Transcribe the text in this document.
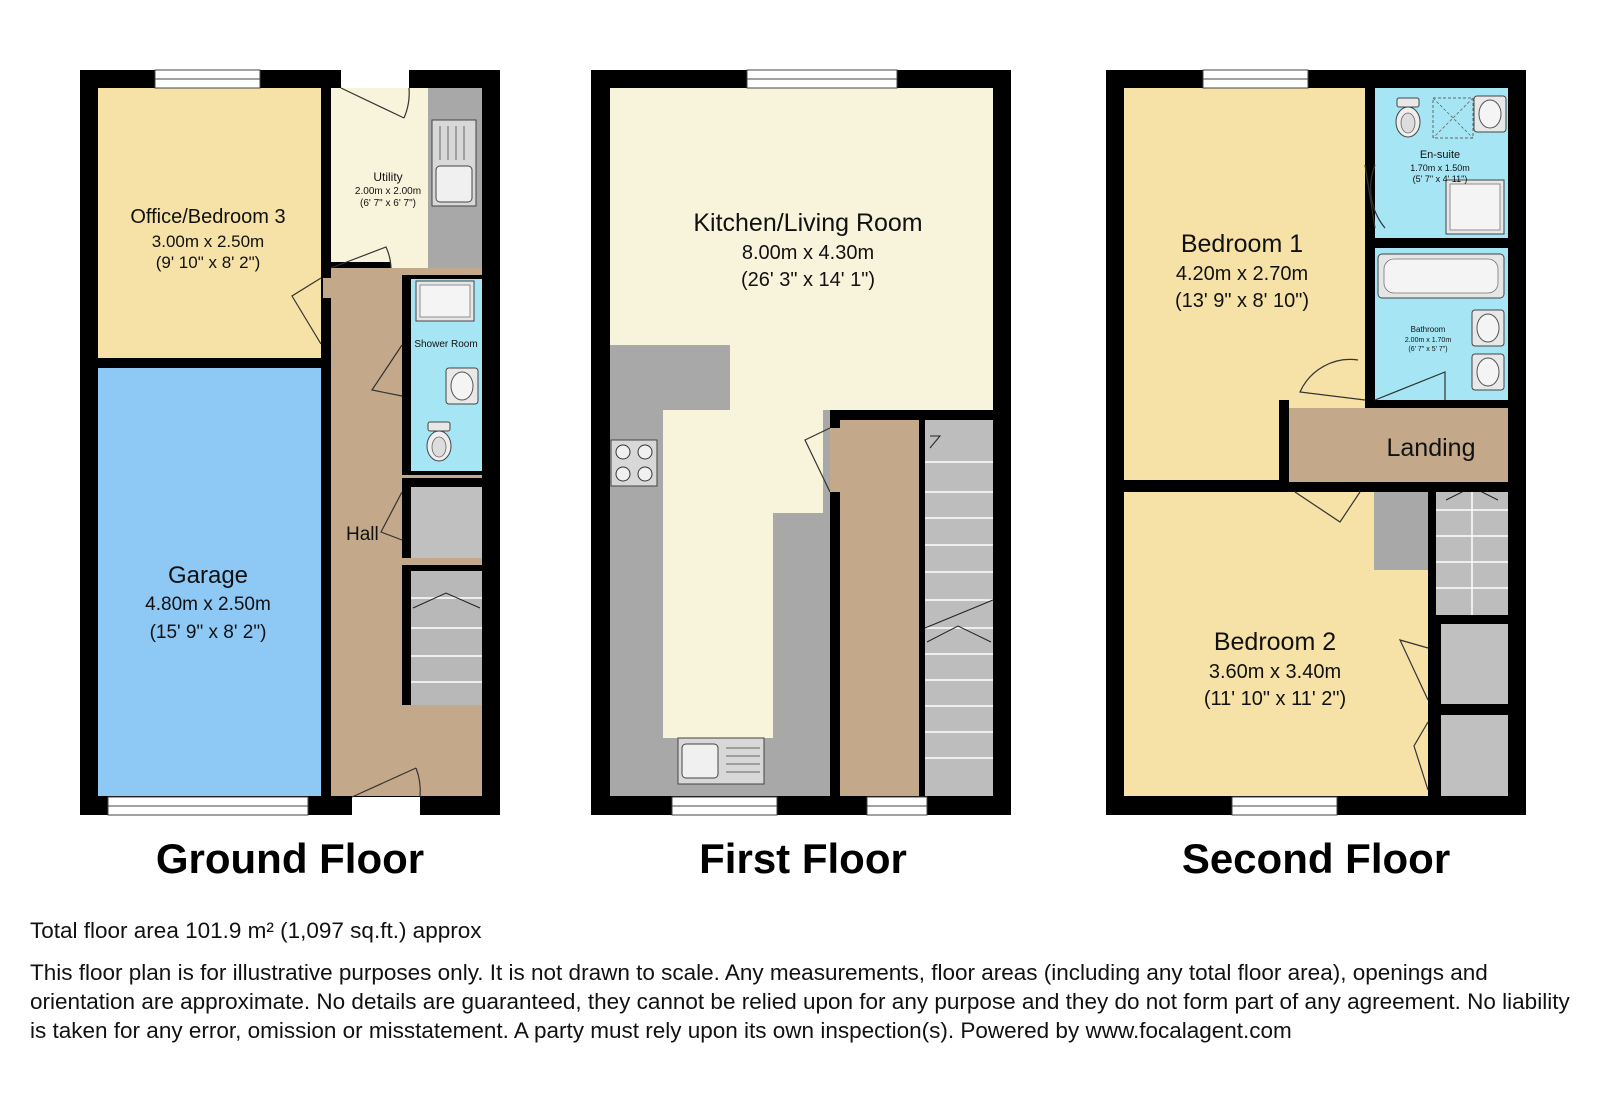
Office/Bedroom 3
3.00m x 2.50m
(9' 10" x 8' 2")
Utility
2.00m x 2.00m
(6' 7" x 6' 7")
Shower Room
Garage
4.80m x 2.50m
(15' 9" x 8' 2")
Hall
Kitchen/Living Room
8.00m x 4.30m
(26' 3" x 14' 1")
En-suite
1.70m x 1.50m
(5' 7" x 4' 11")
Bedroom 1
4.20m x 2.70m
(13' 9" x 8' 10")
Bathroom
2.00m x 1.70m
(6' 7" x 5' 7")
Landing
Bedroom 2
3.60m x 3.40m
(11' 10" x 11' 2")
Ground Floor	First Floor	Second Floor
Total floor area 101.9 m² (1,097 sq.ft.) approx
This floor plan is for illustrative purposes only. It is not drawn to scale. Any measurements, floor areas (including any total floor area), openings and orientation are approximate. No details are guaranteed, they cannot be relied upon for any purpose and they do not form part of any agreement. No liability is taken for any error, omission or misstatement. A party must rely upon its own inspection(s). Powered by www.focalagent.com
